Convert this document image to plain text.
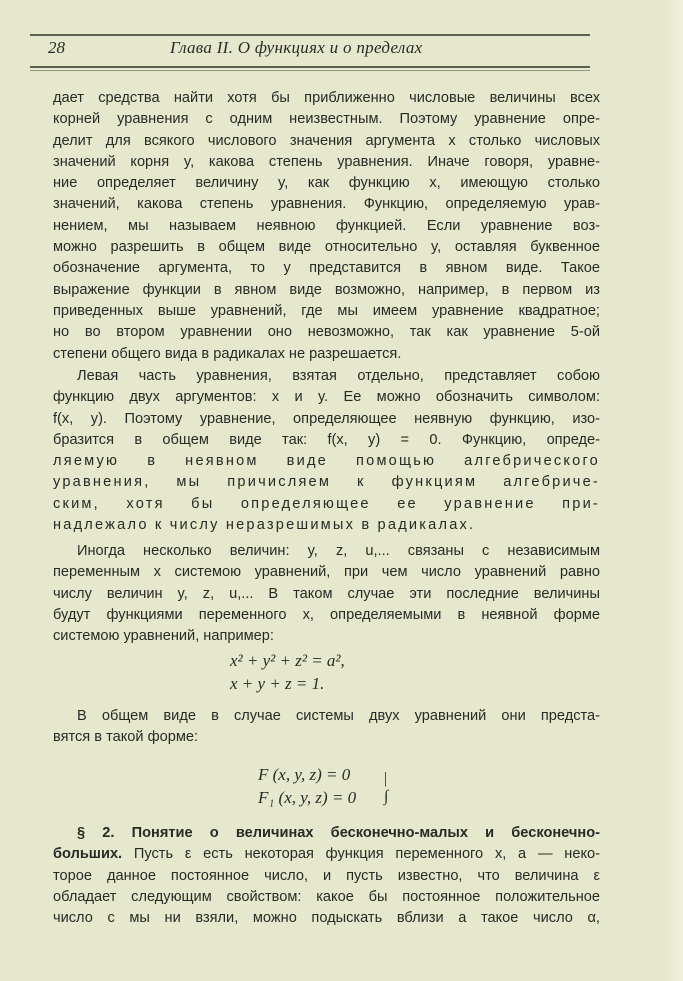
28	Глава II. О функциях и о пределах
дает средства найти хотя бы приближенно числовые величины всех
корней уравнения с одним неизвестным. Поэтому уравнение опре-
делит для всякого числового значения аргумента x столько числовых
значений корня y, какова степень уравнения. Иначе говоря, уравне-
ние определяет величину y, как функцию x, имеющую столько
значений, какова степень уравнения. Функцию, определяемую урав-
нением, мы называем неявною функцией. Если уравнение воз-
можно разрешить в общем виде относительно y, оставляя буквенное
обозначение аргумента, то y представится в явном виде. Такое
выражение функции в явном виде возможно, например, в первом из
приведенных выше уравнений, где мы имеем уравнение квадратное;
но во втором уравнении оно невозможно, так как уравнение 5-ой
степени общего вида в радикалах не разрешается.
Левая часть уравнения, взятая отдельно, представляет собою
функцию двух аргументов: x и y. Ее можно обозначить символом:
f(x, y). Поэтому уравнение, определяющее неявную функцию, изо-
бразится в общем виде так: f(x, y) = 0. Функцию, опреде-
ляемую в неявном виде помощью алгебрического
уравнения, мы причисляем к функциям алгебриче-
ским, хотя бы определяющее ее уравнение при-
надлежало к числу неразрешимых в радикалах.
Иногда несколько величин: y, z, u,... связаны с независимым
переменным x системою уравнений, при чем число уравнений равно
числу величин y, z, u,... В таком случае эти последние величины
будут функциями переменного x, определяемыми в неявной форме
системою уравнений, например:
x² + y² + z² = a²,
x + y + z = 1.
В общем виде в случае системы двух уравнений они предста-
вятся в такой форме:
F (x, y, z) = 0
F₁ (x, y, z) = 0
|
∫
§ 2. Понятие о величинах бесконечно-малых и бесконечно-
больших. Пусть ε есть некоторая функция переменного x, a — неко-
торое данное постоянное число, и пусть известно, что величина ε
обладает следующим свойством: какое бы постоянное положительное
число c мы ни взяли, можно подыскать вблизи a такое число α,
